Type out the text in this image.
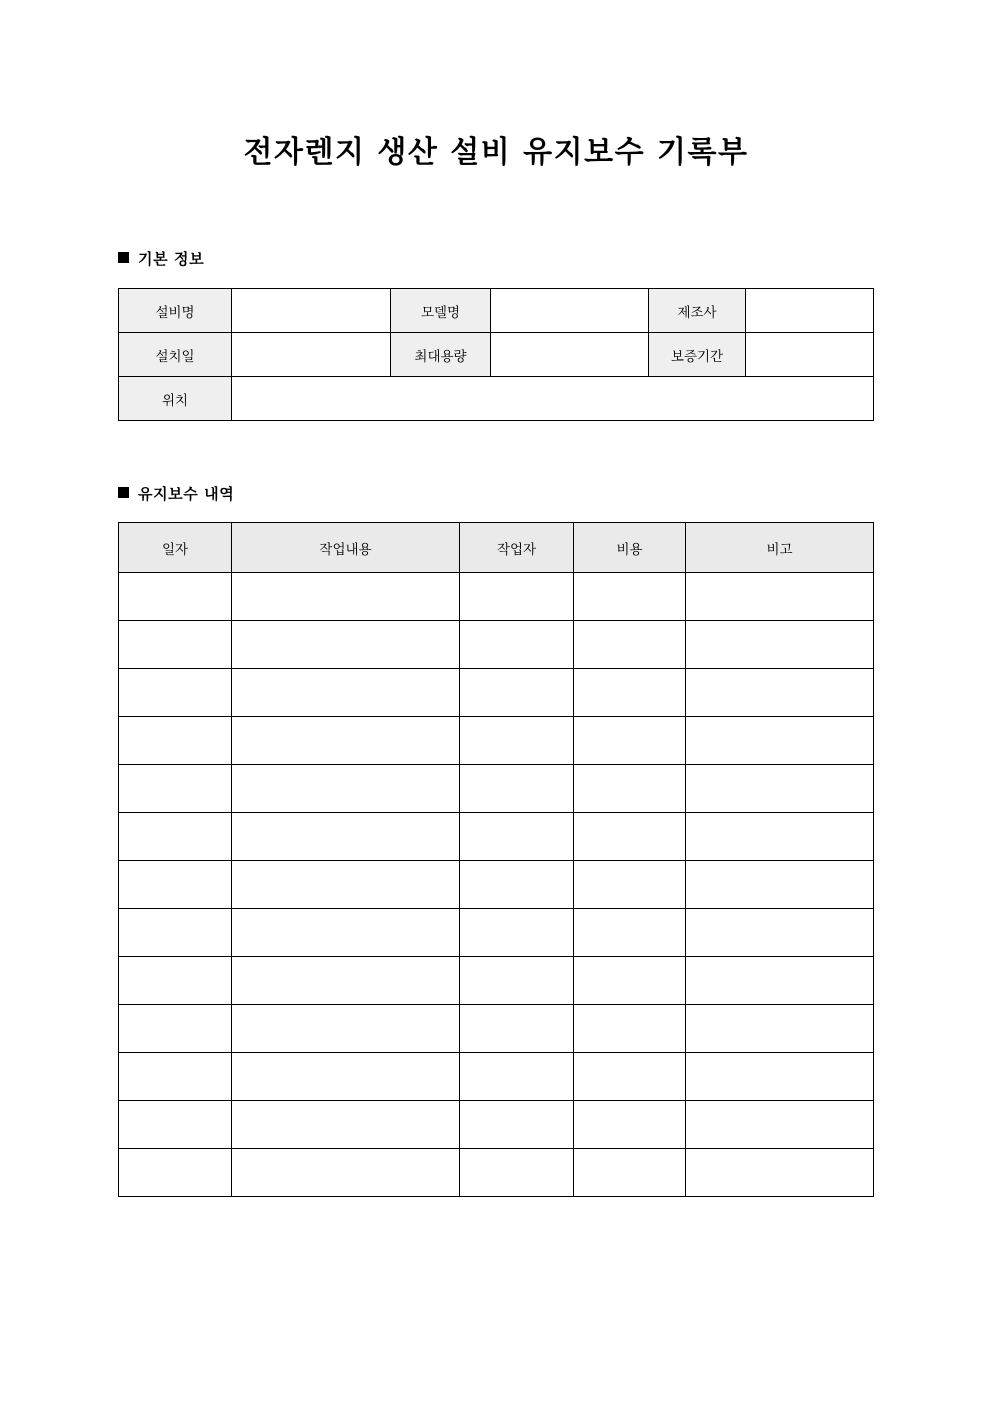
전자렌지 생산 설비 유지보수 기록부
기본 정보
설비명		모델명		제조사	
설치일		최대용량		보증기간	
위치					
유지보수 내역
일자	작업내용	작업자	비용	비고
